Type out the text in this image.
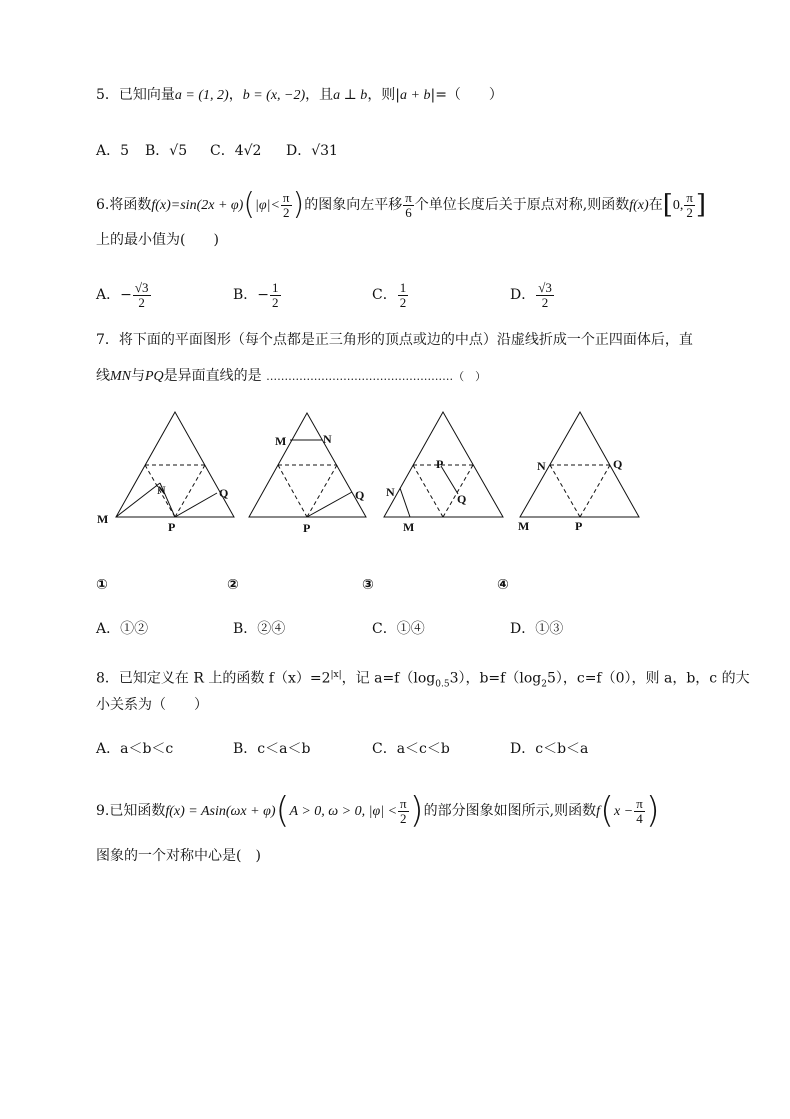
5．已知向量a = (1, 2)，b = (x, −2)，且a ⊥ b，则|a + b|=（　　）
A．5 B．√5 C．4√2 D．√31
6.将函数$f(x)=\sin(2x + \varphi)(|\varphi|< \frac{\pi}{2}$ )的图象向左平移 $\frac{\pi}{6}$ 个单位长度后关于原点对称,则函数f(x)在[0, $\frac{\pi}{2}$ ]
上的最小值为(　　)
A．− $\frac{√3}{2}$	B．− $\frac{1}{2}$	C． $\frac{1}{2}$	D． $\frac{√3}{2}$
7．将下面的平面图形（每个点都是正三角形的顶点或边的中点）沿虚线折成一个正四面体后，直
线MN与PQ是异面直线的是 ……………………………………………（　）
M
N
P
Q
M	N
P
Q N
M
P
Q
N	Q
M	P
①	②	③	④
A．①②	B．②④	C．①④	D．①③
8．已知定义在 R 上的函数 $f(x)=2^{|x|}$，记 $a=f(\log_{0.5}3)$，$b=f(\log_25)$，c=f（0），则 a，b，c 的大
小关系为（　　）
A．a＜b＜c	B．c＜a＜b	C．a＜c＜b	D．c＜b＜a
9.已知函数f(x) = Asin(ωx + φ)(A > 0, ω > 0, $|\varphi| < \frac{\pi}{2}$ )的部分图象如图所示,则函数$f(x - \frac{\pi}{4}$ )
图象的一个对称中心是(　)
